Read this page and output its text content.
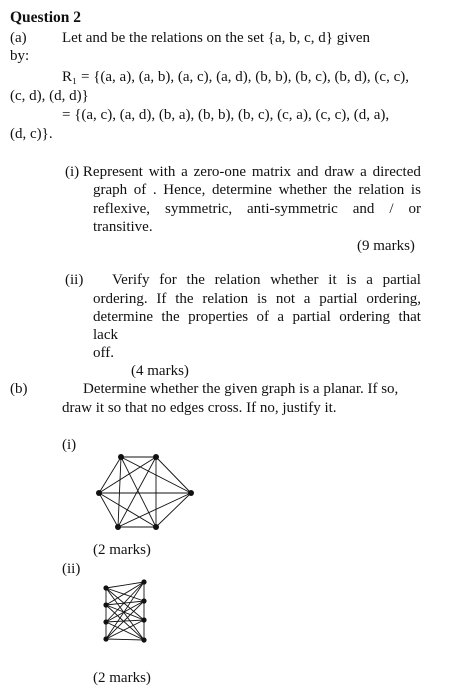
Question 2
(a) Let and be the relations on the set {a, b, c, d} given
by:
R₁ = {(a, a), (a, b), (a, c), (a, d), (b, b), (b, c), (b, d), (c, c),
(c, d), (d, d)}
= {(a, c), (a, d), (b, a), (b, b), (b, c), (c, a), (c, c), (d, a),
(d, c)}.
(i) Represent with a zero-one matrix and draw a directed
graph of . Hence, determine whether the relation is
reflexive, symmetric, anti-symmetric and / or
transitive.
(9 marks)
(ii) Verify for the relation whether it is a partial
ordering. If the relation is not a partial ordering,
determine the properties of a partial ordering that
lack
off.
(4 marks)
(b)	Determine whether the given graph is a planar. If so,
draw it so that no edges cross. If no, justify it.
(i)
(2 marks)
(ii)
(2 marks)
